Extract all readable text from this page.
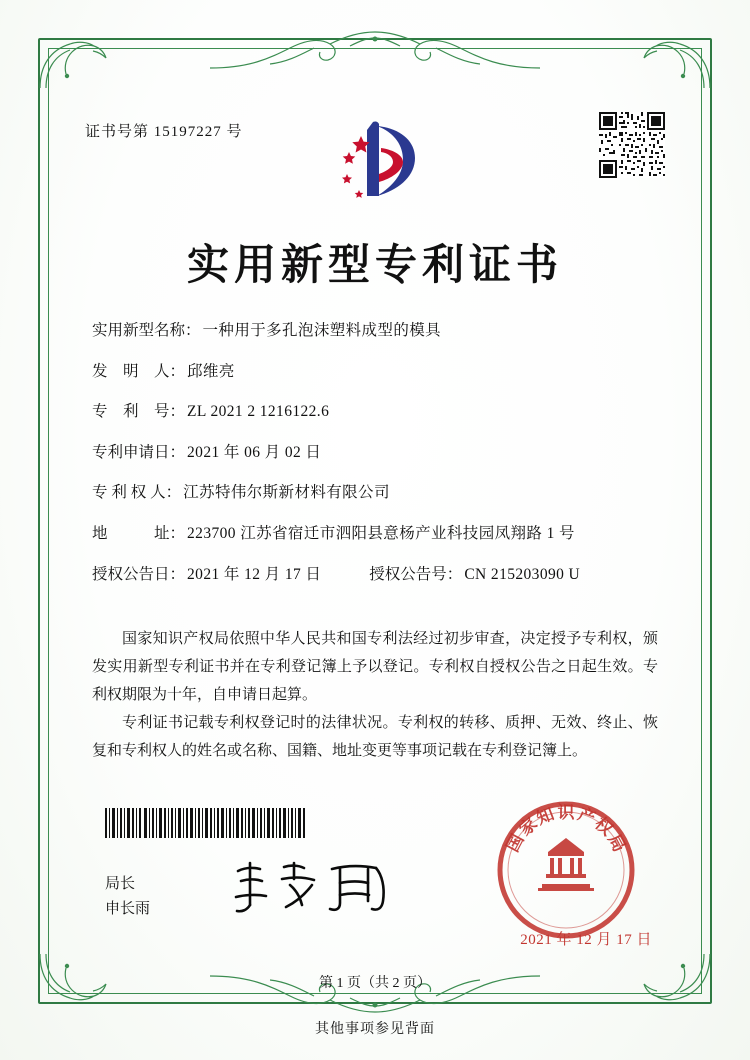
证书号第 15197227 号
实用新型专利证书
实用新型名称： 一种用于多孔泡沫塑料成型的模具
发　明　人： 邱维亮
专　利　号： ZL 2021 2 1216122.6
专利申请日： 2021 年 06 月 02 日
专 利 权 人： 江苏特伟尔斯新材料有限公司
地　　　址： 223700 江苏省宿迁市泗阳县意杨产业科技园凤翔路 1 号
授权公告日： 2021 年 12 月 17 日	授权公告号： CN 215203090 U

国家知识产权局依照中华人民共和国专利法经过初步审查，决定授予专利权，颁发实用新型专利证书并在专利登记簿上予以登记。专利权自授权公告之日起生效。专利权期限为十年，自申请日起算。

专利证书记载专利权登记时的法律状况。专利权的转移、质押、无效、终止、恢复和专利权人的姓名或名称、国籍、地址变更等事项记载在专利登记簿上。

局长
申长雨
国
家
知 识 产
权
局
2021 年 12 月 17 日
第 1 页（共 2 页）
其他事项参见背面
